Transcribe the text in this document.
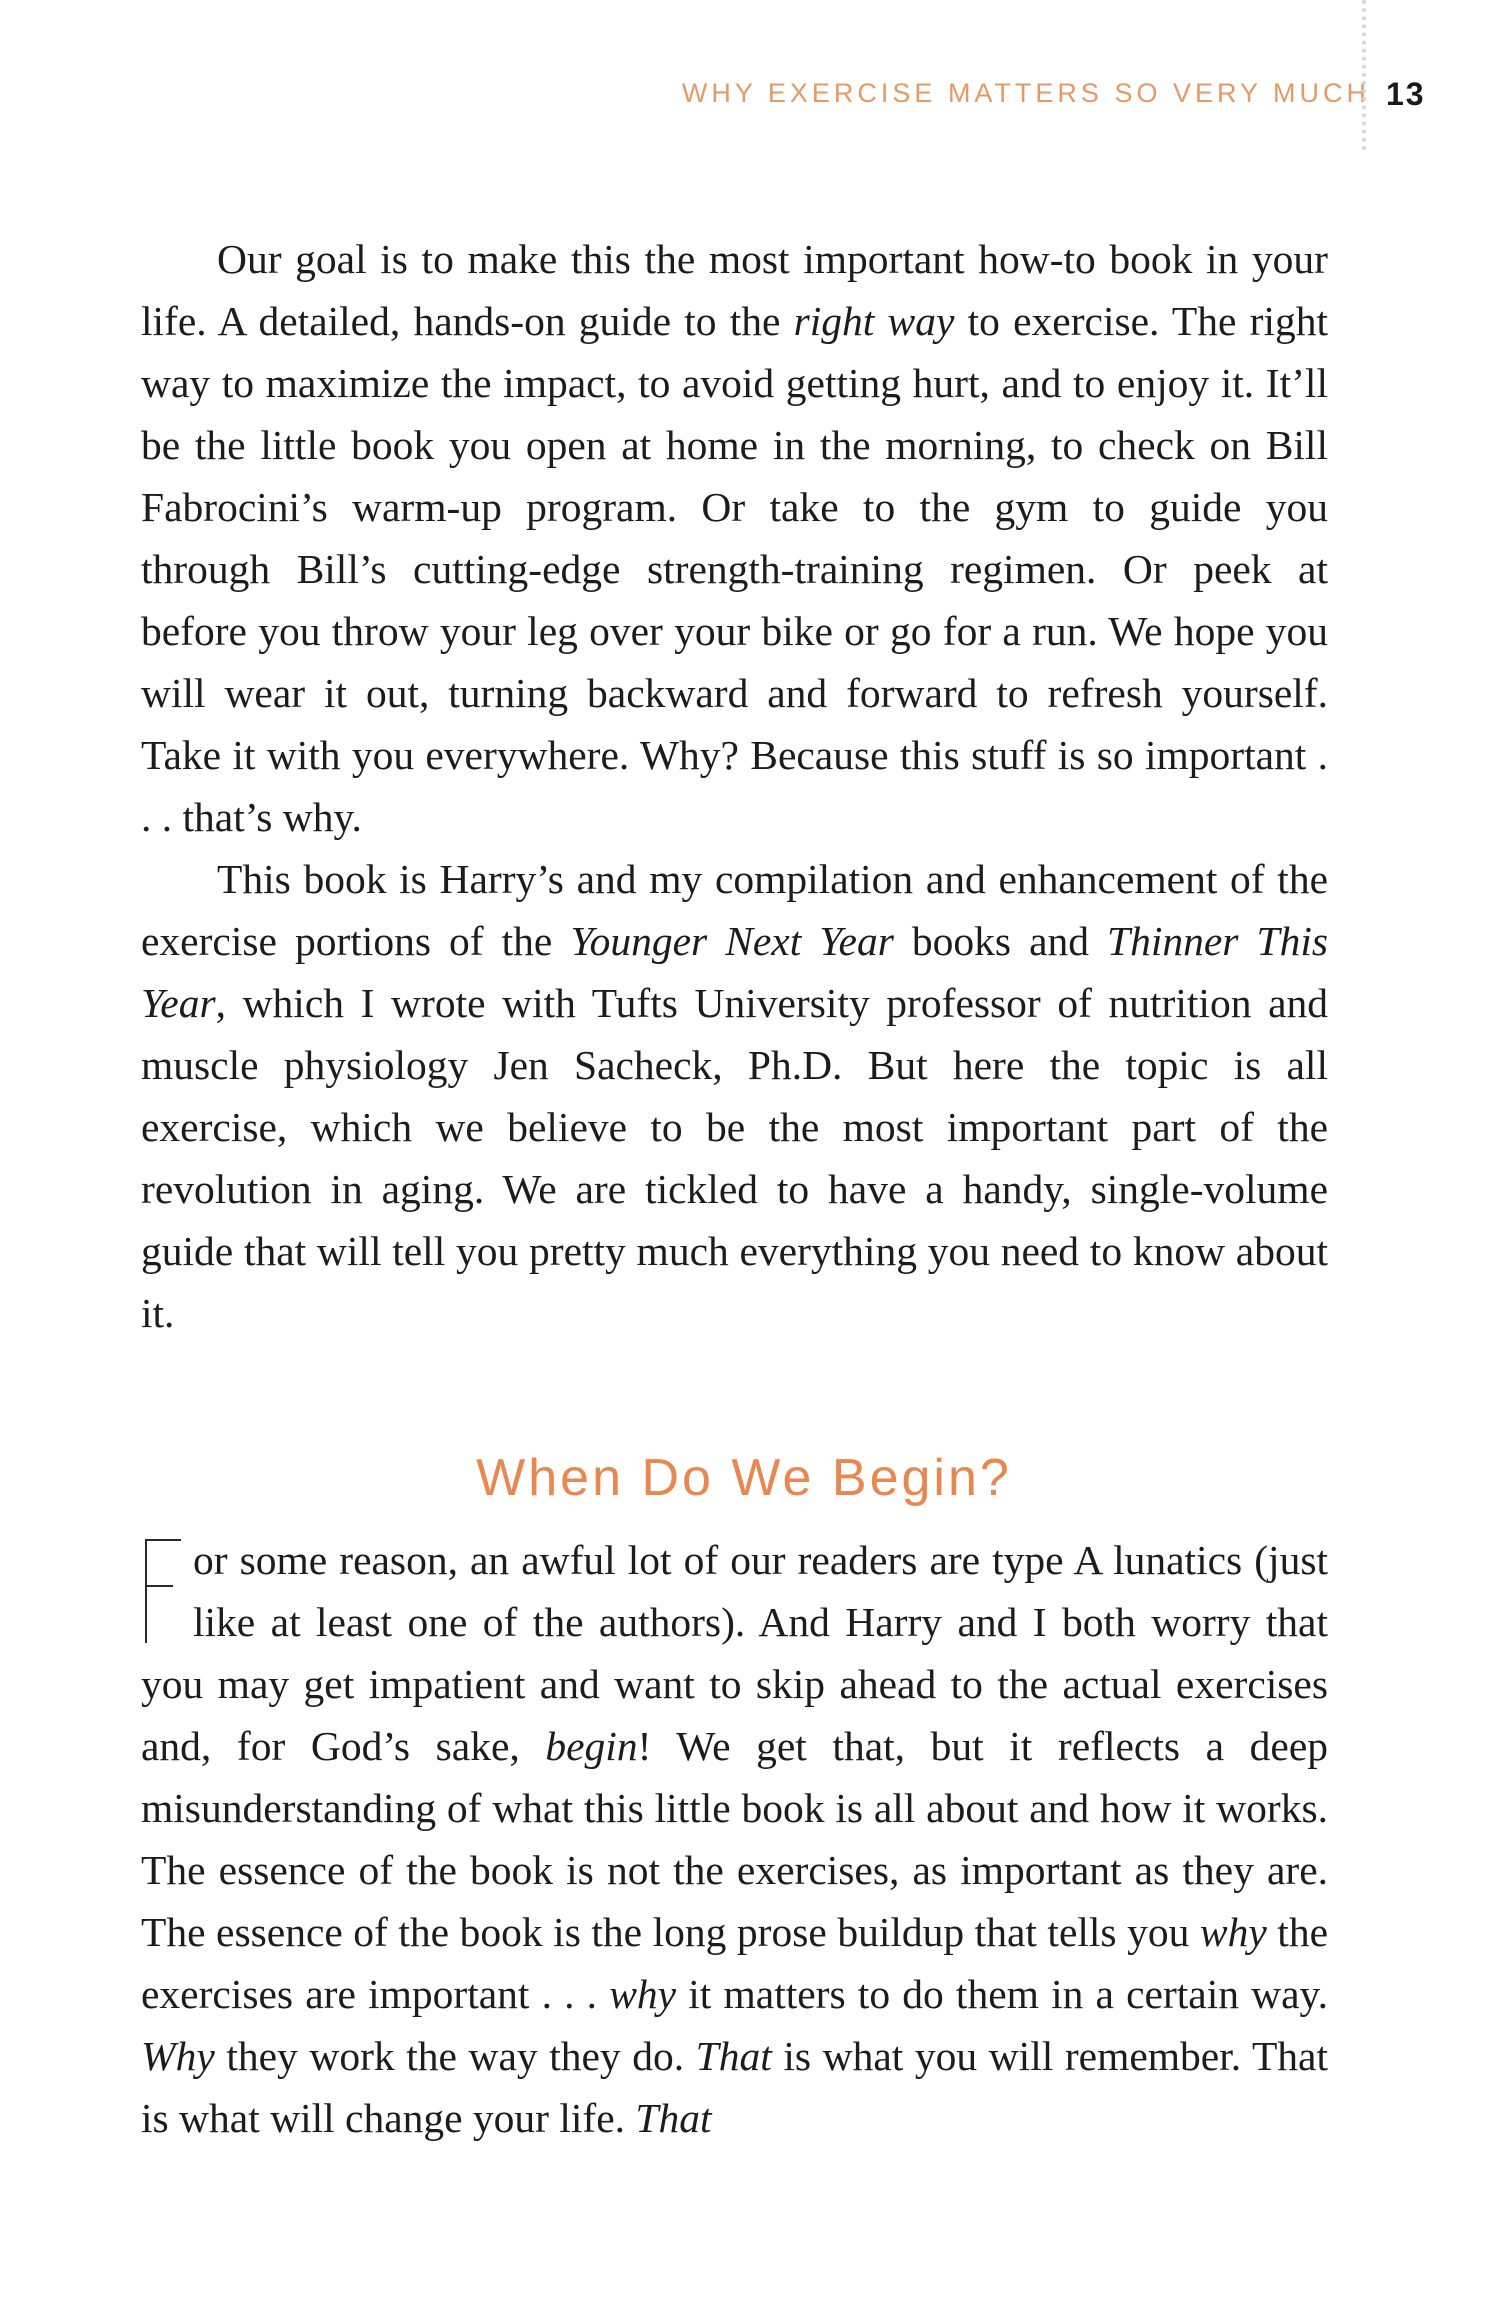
WHY EXERCISE MATTERS SO VERY MUCH 13

Our goal is to make this the most important how-to book in your life. A detailed, hands-on guide to the right way to exercise. The right way to maximize the impact, to avoid getting hurt, and to enjoy it. It’ll be the little book you open at home in the morning, to check on Bill Fabrocini’s warm-up program. Or take to the gym to guide you through Bill’s cutting-edge strength-training regimen. Or peek at before you throw your leg over your bike or go for a run. We hope you will wear it out, turning backward and forward to refresh yourself. Take it with you everywhere. Why? Because this stuff is so important . . . that’s why.

This book is Harry’s and my compilation and enhancement of the exercise portions of the Younger Next Year books and Thinner This Year, which I wrote with Tufts University professor of nutrition and muscle physiology Jen Sacheck, Ph.D. But here the topic is all exercise, which we believe to be the most important part of the revolution in aging. We are tickled to have a handy, single-volume guide that will tell you pretty much everything you need to know about it.

When Do We Begin?

or some reason, an awful lot of our readers are type A lunatics (just like at least one of the authors). And Harry and I both worry that you may get impatient and want to skip ahead to the actual exercises and, for God’s sake, begin! We get that, but it reflects a deep misunderstanding of what this little book is all about and how it works. The essence of the book is not the exercises, as important as they are. The essence of the book is the long prose buildup that tells you why the exercises are important . . . why it matters to do them in a certain way. Why they work the way they do. That is what you will remember. That is what will change your life. That
